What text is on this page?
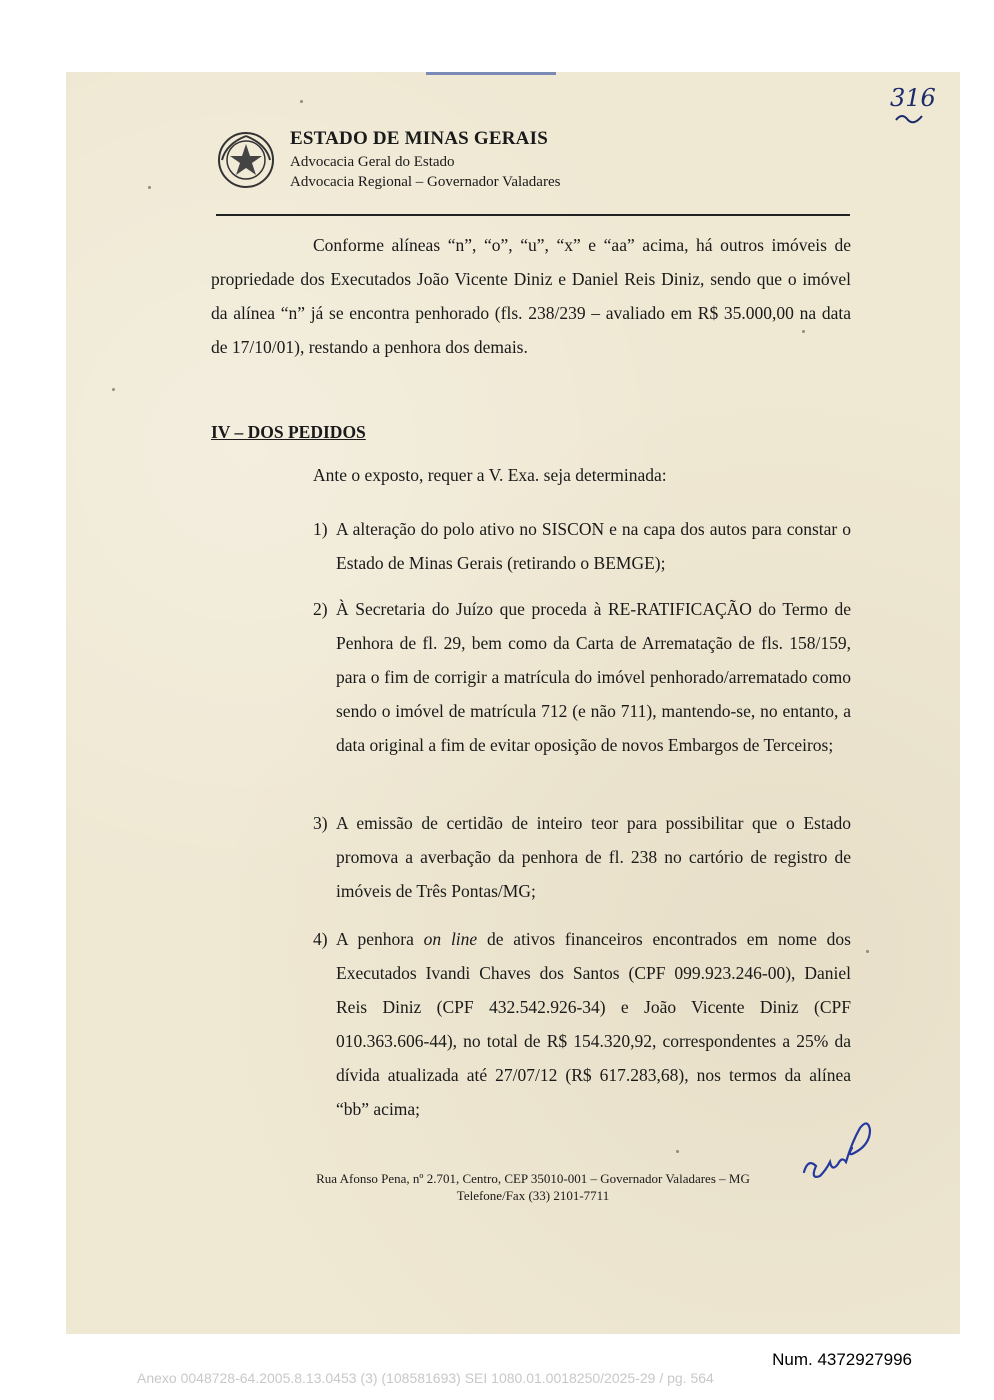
316
ESTADO DE MINAS GERAIS
Advocacia Geral do Estado
Advocacia Regional – Governador Valadares
Conforme alíneas “n”, “o”, “u”, “x” e “aa” acima, há outros imóveis de propriedade dos Executados João Vicente Diniz e Daniel Reis Diniz, sendo que o imóvel da alínea “n” já se encontra penhorado (fls. 238/239 – avaliado em R$ 35.000,00 na data de 17/10/01), restando a penhora dos demais.
IV – DOS PEDIDOS
Ante o exposto, requer a V. Exa. seja determinada:
1) A alteração do polo ativo no SISCON e na capa dos autos para constar o Estado de Minas Gerais (retirando o BEMGE);
2) À Secretaria do Juízo que proceda à RE-RATIFICAÇÃO do Termo de Penhora de fl. 29, bem como da Carta de Arrematação de fls. 158/159, para o fim de corrigir a matrícula do imóvel penhorado/arrematado como sendo o imóvel de matrícula 712 (e não 711), mantendo-se, no entanto, a data original a fim de evitar oposição de novos Embargos de Terceiros;
3) A emissão de certidão de inteiro teor para possibilitar que o Estado promova a averbação da penhora de fl. 238 no cartório de registro de imóveis de Três Pontas/MG;
4) A penhora on line de ativos financeiros encontrados em nome dos Executados Ivandi Chaves dos Santos (CPF 099.923.246-00), Daniel Reis Diniz (CPF 432.542.926-34) e João Vicente Diniz (CPF 010.363.606-44), no total de R$ 154.320,92, correspondentes a 25% da dívida atualizada até 27/07/12 (R$ 617.283,68), nos termos da alínea “bb” acima;
Rua Afonso Pena, nº 2.701, Centro, CEP 35010-001 – Governador Valadares – MG
Telefone/Fax (33) 2101-7711
Num. 4372927996
Anexo 0048728-64.2005.8.13.0453 (3) (108581693) SEI 1080.01.0018250/2025-29 / pg. 564
